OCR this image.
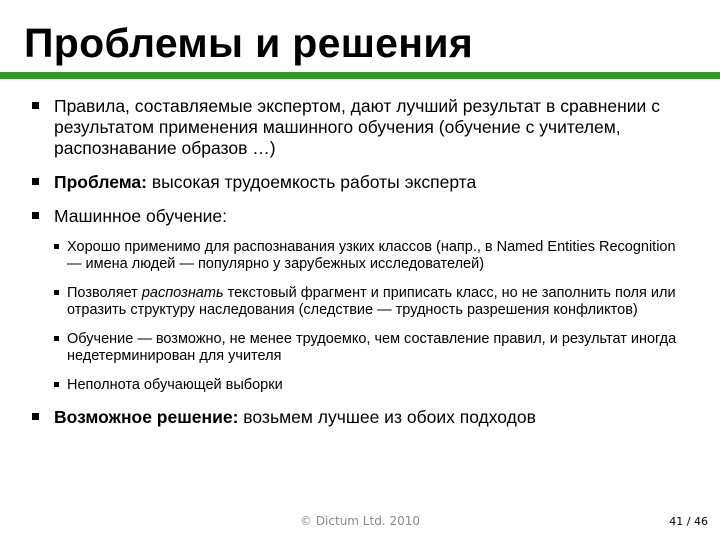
Проблемы и решения
Правила, составляемые экспертом, дают лучший результат в сравнении с результатом применения машинного обучения (обучение с учителем, распознавание образов …)
Проблема: высокая трудоемкость работы эксперта
Машинное обучение:
Хорошо применимо для распознавания узких классов (напр., в Named Entities Recognition — имена людей — популярно у зарубежных исследователей)
Позволяет распознать текстовый фрагмент и приписать класс, но не заполнить поля или отразить структуру наследования (следствие — трудность разрешения конфликтов)
Обучение — возможно, не менее трудоемко, чем составление правил, и результат иногда недетерминирован для учителя
Неполнота обучающей выборки
Возможное решение: возьмем лучшее из обоих подходов
© Dictum Ltd. 2010	41 / 46
